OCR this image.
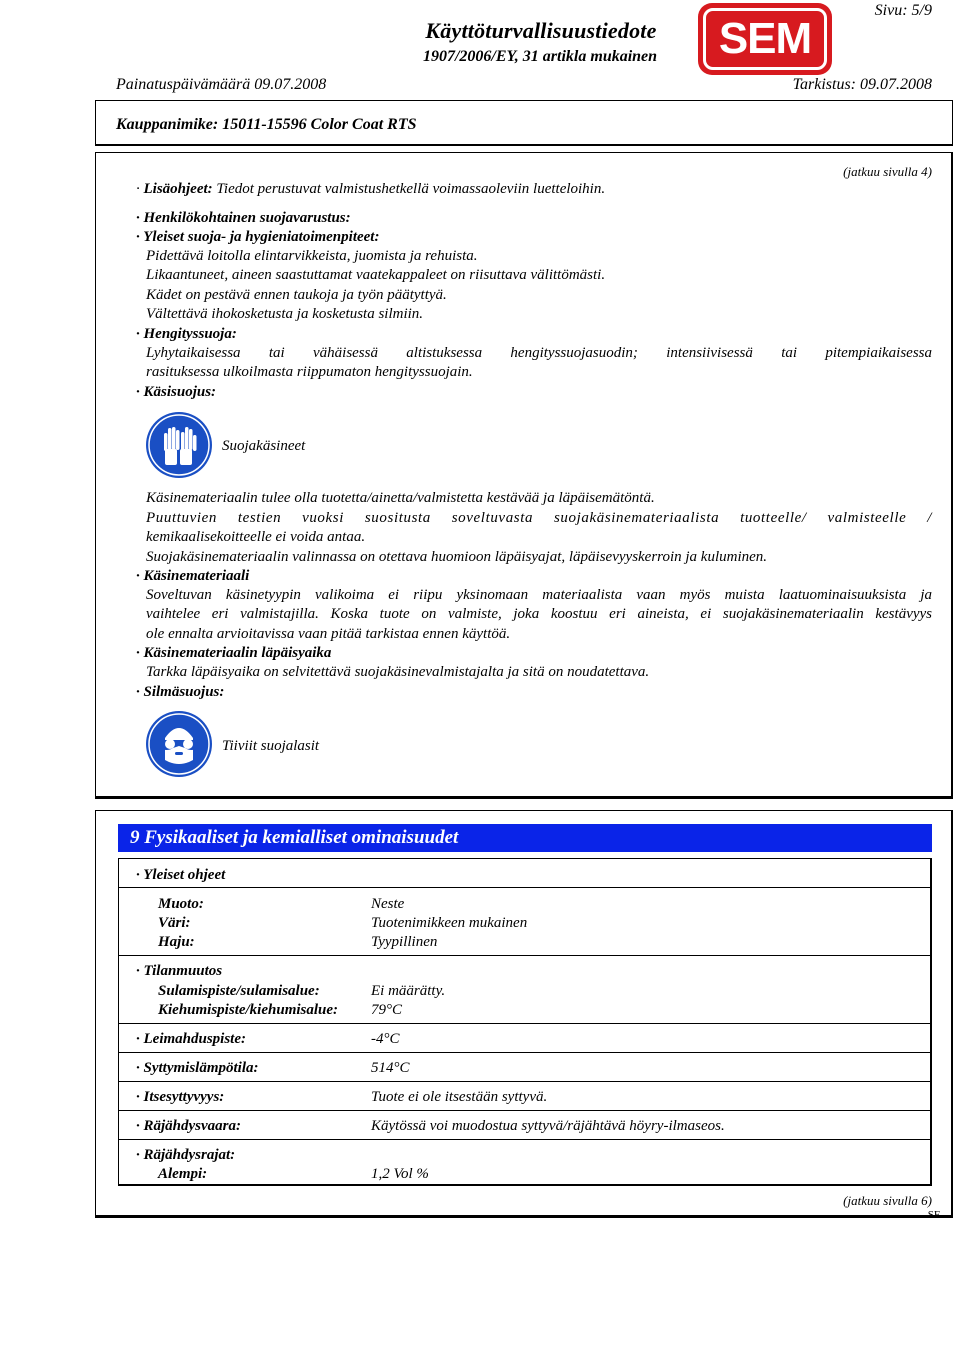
Sivu: 5/9
Käyttöturvallisuustiedote
1907/2006/EY, 31 artikla mukainen	SEM
Painatuspäivämäärä 09.07.2008	Tarkistus: 09.07.2008
Kauppanimike: 15011-15596 Color Coat RTS
(jatkuu sivulla 4)
· Lisäohjeet: Tiedot perustuvat valmistushetkellä voimassaoleviin luetteloihin.
· Henkilökohtainen suojavarustus:
· Yleiset suoja- ja hygieniatoimenpiteet:
Pidettävä loitolla elintarvikkeista, juomista ja rehuista.
Likaantuneet, aineen saastuttamat vaatekappaleet on riisuttava välittömästi.
Kädet on pestävä ennen taukoja ja työn päätyttyä.
Vältettävä ihokosketusta ja kosketusta silmiin.
· Hengityssuoja:
Lyhytaikaisessa tai vähäisessä altistuksessa hengityssuojasuodin; intensiivisessä tai pitempiaikaisessa
rasituksessa ulkoilmasta riippumaton hengityssuojain.
· Käsisuojus:
Suojakäsineet
Käsinemateriaalin tulee olla tuotetta/ainetta/valmistetta kestävää ja läpäisemätöntä.
Puuttuvien testien vuoksi suositusta soveltuvasta suojakäsinemateriaalista tuotteelle/ valmisteelle /
kemikaalisekoitteelle ei voida antaa.
Suojakäsinemateriaalin valinnassa on otettava huomioon läpäisyajat, läpäisevyyskerroin ja kuluminen.
· Käsinemateriaali
Soveltuvan käsinetyypin valikoima ei riipu yksinomaan materiaalista vaan myös muista laatuominaisuuksista ja
vaihtelee eri valmistajilla. Koska tuote on valmiste, joka koostuu eri aineista, ei suojakäsinemateriaalin kestävyys
ole ennalta arvioitavissa vaan pitää tarkistaa ennen käyttöä.
· Käsinemateriaalin läpäisyaika
Tarkka läpäisyaika on selvitettävä suojakäsinevalmistajalta ja sitä on noudatettava.
· Silmäsuojus:
Tiiviit suojalasit
9 Fysikaaliset ja kemialliset ominaisuudet
· Yleiset ohjeet
Muoto:	Neste
Väri:	Tuotenimikkeen mukainen
Haju:	Tyypillinen
· Tilanmuutos
Sulamispiste/sulamisalue:	Ei määrätty.
Kiehumispiste/kiehumisalue: 79°C
· Leimahduspiste:	-4°C
· Syttymislämpötila:	514°C
· Itsesyttyvyys:	Tuote ei ole itsestään syttyvä.
· Räjähdysvaara:	Käytössä voi muodostua syttyvä/räjähtävä höyry-ilmaseos.
· Räjähdysrajat:
Alempi:	1,2 Vol %
(jatkuu sivulla 6)
SF
